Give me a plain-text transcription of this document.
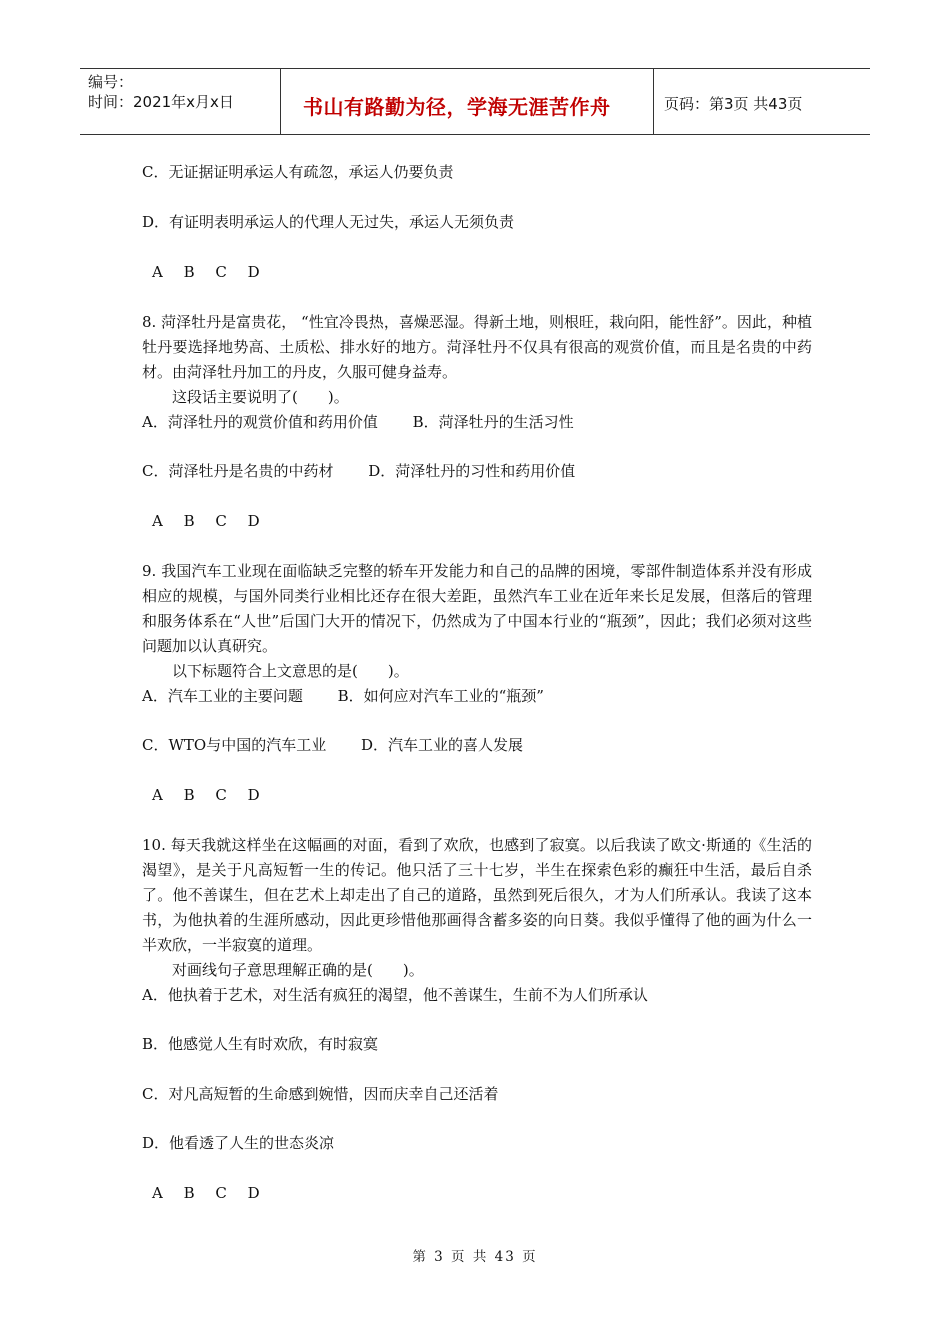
编号：
时间：2021年x月x日	书山有路勤为径，学海无涯苦作舟	页码：第3页 共43页
C．无证据证明承运人有疏忽，承运人仍要负责
D．有证明表明承运人的代理人无过失，承运人无须负责
A B C D
8. 菏泽牡丹是富贵花， “性宜冷畏热，喜燥恶湿。得新土地，则根旺，栽向阳，能性舒”。因此，种植牡丹要选择地势高、土质松、排水好的地方。菏泽牡丹不仅具有很高的观赏价值，而且是名贵的中药材。由菏泽牡丹加工的丹皮，久服可健身益寿。
这段话主要说明了(　　)。
A．菏泽牡丹的观赏价值和药用价值　　 B．菏泽牡丹的生活习性
C．菏泽牡丹是名贵的中药材　　 D．菏泽牡丹的习性和药用价值
A B C D
9. 我国汽车工业现在面临缺乏完整的轿车开发能力和自己的品牌的困境，零部件制造体系并没有形成相应的规模，与国外同类行业相比还存在很大差距，虽然汽车工业在近年来长足发展，但落后的管理和服务体系在“人世”后国门大开的情况下，仍然成为了中国本行业的“瓶颈”，因此；我们必须对这些问题加以认真研究。
以下标题符合上文意思的是(　　)。
A．汽车工业的主要问题　　 B．如何应对汽车工业的“瓶颈”
C．WTO与中国的汽车工业　　 D．汽车工业的喜人发展
A B C D
10. 每天我就这样坐在这幅画的对面，看到了欢欣，也感到了寂寞。以后我读了欧文·斯通的《生活的渴望》，是关于凡高短暂一生的传记。他只活了三十七岁，半生在探索色彩的癫狂中生活，最后自杀了。他不善谋生，但在艺术上却走出了自己的道路，虽然到死后很久，才为人们所承认。我读了这本书，为他执着的生涯所感动，因此更珍惜他那画得含蓄多姿的向日葵。我似乎懂得了他的画为什么一半欢欣，一半寂寞的道理。
对画线句子意思理解正确的是(　　)。
A．他执着于艺术，对生活有疯狂的渴望，他不善谋生，生前不为人们所承认
B．他感觉人生有时欢欣，有时寂寞
C．对凡高短暂的生命感到婉惜，因而庆幸自己还活着
D．他看透了人生的世态炎凉
A B C D
第 3 页 共 43 页
